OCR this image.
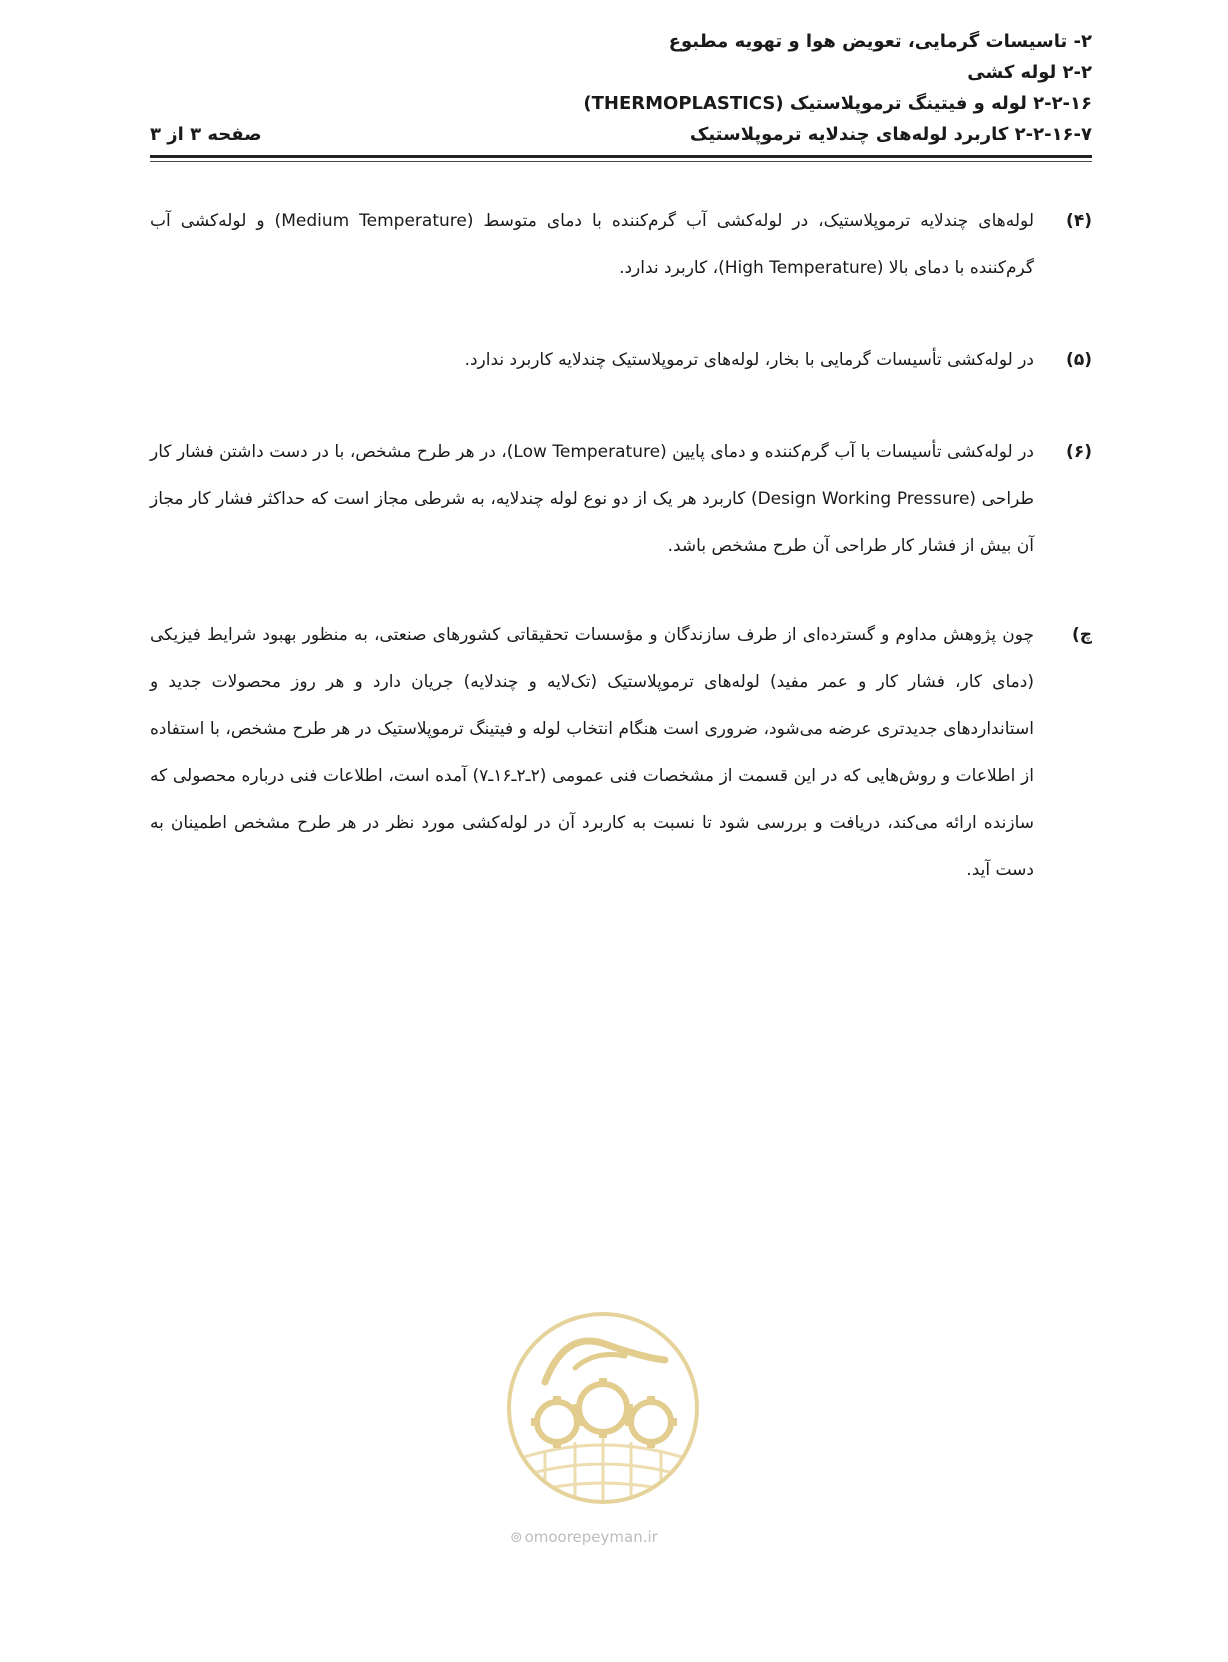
۲- تاسیسات گرمایی، تعویض هوا و تهویه مطبوع
۲-۲ لوله کشی
۲-۲-۱۶ لوله و فیتینگ ترموپلاستیک (THERMOPLASTICS)
۲-۲-۱۶-۷ کاربرد لوله‌های چندلایه ترموپلاستیک
صفحه ۳ از ۳
(۴)
لوله‌های چندلایه ترموپلاستیک، در لوله‌کشی آب گرم‌کننده با دمای متوسط (Medium Temperature) و لوله‌کشی آب گرم‌کننده با دمای بالا (High Temperature)، کاربرد ندارد.
(۵)
در لوله‌کشی تأسیسات گرمایی با بخار، لوله‌های ترموپلاستیک چندلایه کاربرد ندارد.
(۶)
در لوله‌کشی تأسیسات با آب گرم‌کننده و دمای پایین (Low Temperature)، در هر طرح مشخص، با در دست داشتن فشار کار طراحی (Design Working Pressure) کاربرد هر یک از دو نوع لوله چندلایه، به شرطی مجاز است که حداکثر فشار کار مجاز آن بیش از فشار کار طراحی آن طرح مشخص باشد.
چ)
چون پژوهش مداوم و گسترده‌ای از طرف سازندگان و مؤسسات تحقیقاتی کشورهای صنعتی، به منظور بهبود شرایط فیزیکی (دمای کار، فشار کار و عمر مفید) لوله‌های ترموپلاستیک (تک‌لایه و چندلایه) جریان دارد و هر روز محصولات جدید و استانداردهای جدیدتری عرضه می‌شود، ضروری است هنگام انتخاب لوله و فیتینگ ترموپلاستیک در هر طرح مشخص، با استفاده از اطلاعات و روش‌هایی که در این قسمت از مشخصات فنی عمومی (۲ـ۲ـ۱۶ـ۷) آمده است، اطلاعات فنی درباره محصولی که سازنده ارائه می‌کند، دریافت و بررسی شود تا نسبت به کاربرد آن در لوله‌کشی مورد نظر در هر طرح مشخص اطمینان به دست آید.
⊚ omoorepeyman.ir
